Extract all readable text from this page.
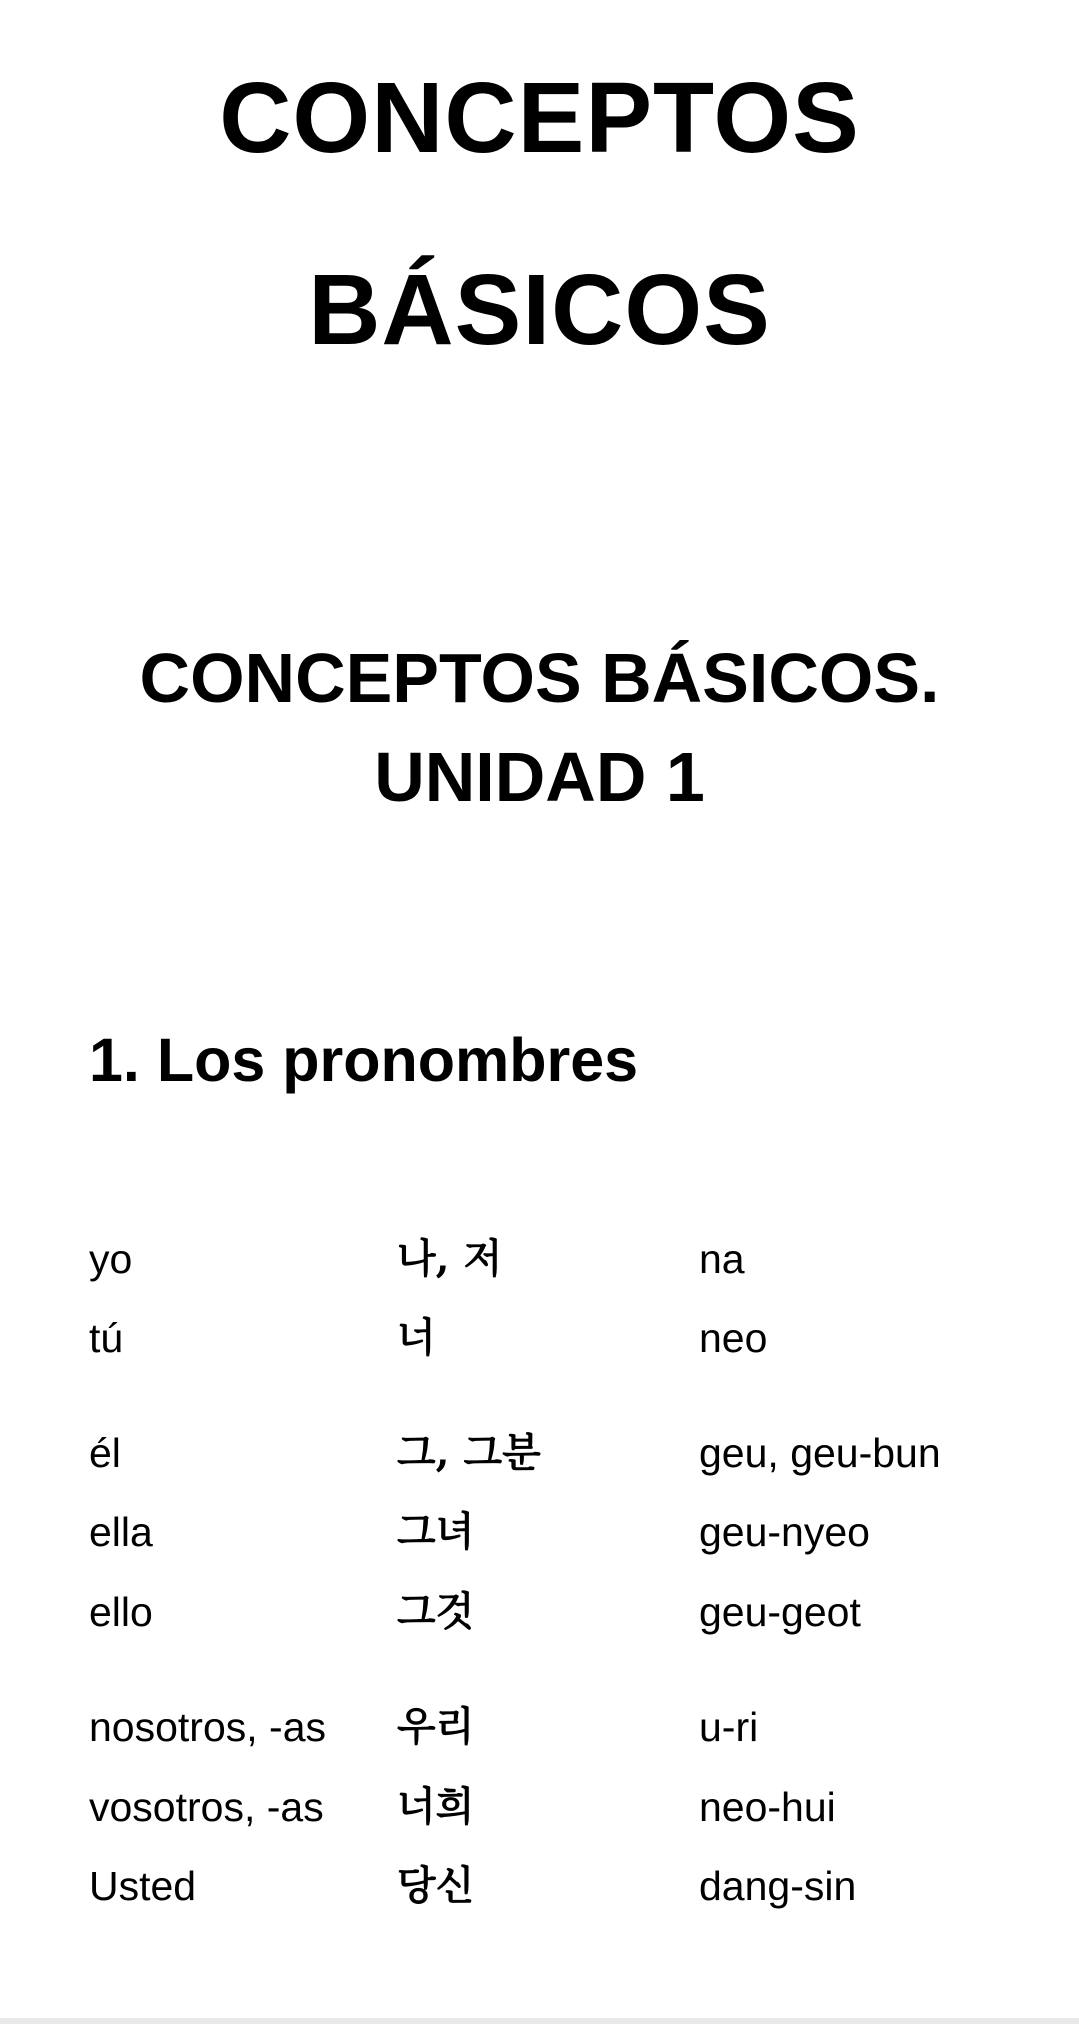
CONCEPTOS
BÁSICOS
CONCEPTOS BÁSICOS.
UNIDAD 1
1. Los pronombres
yo	나, 저	na
tú	너	neo
él	그, 그분	geu, geu-bun
ella	그녀	geu-nyeo
ello	그것	geu-geot
nosotros, -as 우리	u-ri
vosotros, -as 너희	neo-hui
Usted	당신	dang-sin
